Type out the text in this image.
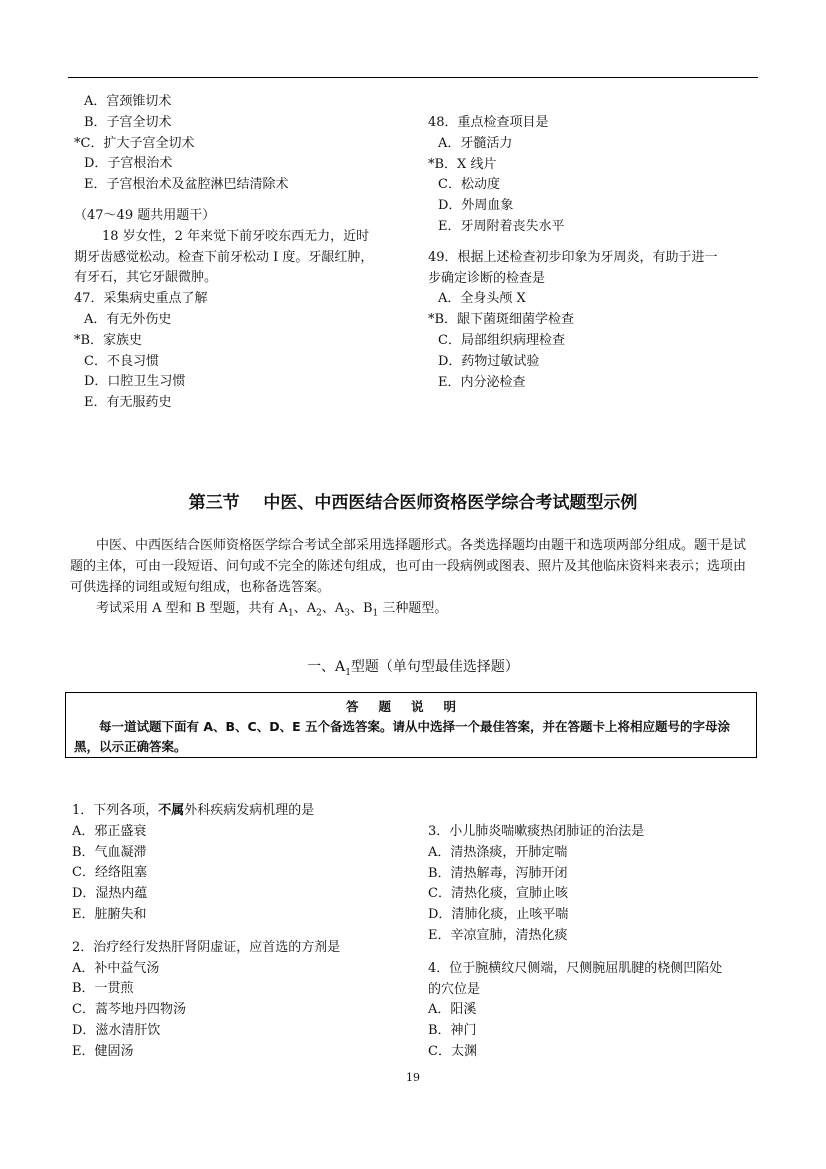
A．宫颈锥切术
B．子宫全切术
*C．扩大子宫全切术
D．子宫根治术
E．子宫根治术及盆腔淋巴结清除术
（47～49 题共用题干）
18 岁女性，2 年来觉下前牙咬东西无力，近时
期牙齿感觉松动。检查下前牙松动 I 度。牙龈红肿，
有牙石，其它牙龈微肿。
47．采集病史重点了解
A．有无外伤史
*B．家族史
C．不良习惯
D．口腔卫生习惯
E．有无服药史
48．重点检查项目是
A．牙髓活力
*B．X 线片
C．松动度
D．外周血象
E．牙周附着丧失水平
49．根据上述检查初步印象为牙周炎，有助于进一
步确定诊断的检查是
A．全身头颅 X
*B．龈下菌斑细菌学检查
C．局部组织病理检查
D．药物过敏试验
E．内分泌检查
第三节    中医、中西医结合医师资格医学综合考试题型示例

中医、中西医结合医师资格医学综合考试全部采用选择题形式。各类选择题均由题干和选项两部分组成。题干是试题的主体，可由一段短语、问句或不完全的陈述句组成，也可由一段病例或图表、照片及其他临床资料来表示；选项由可供选择的词组或短句组成，也称备选答案。

考试采用 A 型和 B 型题，共有 $A_1$、$A_2$、$A_3$、$B_1$ 三种题型。

一、$A_1$型题（单句型最佳选择题）
答题说明
每一道试题下面有 A、B、C、D、E 五个备选答案。请从中选择一个最佳答案，并在答题卡上将相应题号的字母涂黑，以示正确答案。
1．下列各项，不属外科疾病发病机理的是
A．邪正盛衰
B．气血凝滞
C．经络阻塞
D．湿热内蕴
E．脏腑失和
2．治疗经行发热肝肾阴虚证，应首选的方剂是
A．补中益气汤
B．一贯煎
C．蒿芩地丹四物汤
D．滋水清肝饮
E．健固汤
3．小儿肺炎喘嗽痰热闭肺证的治法是
A．清热涤痰，开肺定喘
B．清热解毒，泻肺开闭
C．清热化痰，宣肺止咳
D．清肺化痰，止咳平喘
E．辛凉宣肺，清热化痰
4．位于腕横纹尺侧端，尺侧腕屈肌腱的桡侧凹陷处
的穴位是
A．阳溪
B．神门
C．太渊
19
